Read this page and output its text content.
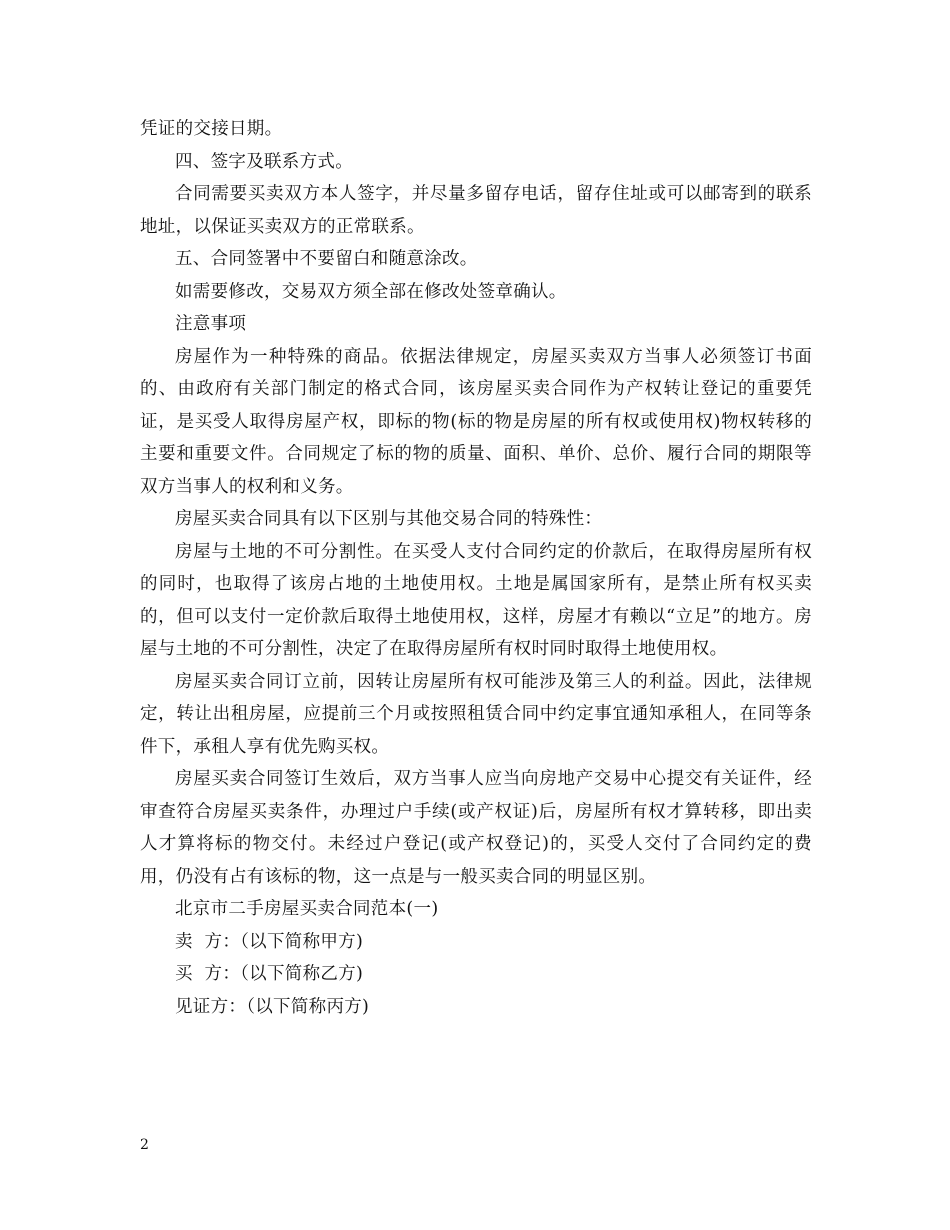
凭证的交接日期。

四、签字及联系方式。

合同需要买卖双方本人签字，并尽量多留存电话，留存住址或可以邮寄到的联系地址，以保证买卖双方的正常联系。

五、合同签署中不要留白和随意涂改。

如需要修改，交易双方须全部在修改处签章确认。

注意事项

房屋作为一种特殊的商品。依据法律规定，房屋买卖双方当事人必须签订书面的、由政府有关部门制定的格式合同，该房屋买卖合同作为产权转让登记的重要凭证，是买受人取得房屋产权，即标的物(标的物是房屋的所有权或使用权)物权转移的主要和重要文件。合同规定了标的物的质量、面积、单价、总价、履行合同的期限等双方当事人的权利和义务。

房屋买卖合同具有以下区别与其他交易合同的特殊性：

房屋与土地的不可分割性。在买受人支付合同约定的价款后，在取得房屋所有权的同时，也取得了该房占地的土地使用权。土地是属国家所有，是禁止所有权买卖的，但可以支付一定价款后取得土地使用权，这样，房屋才有赖以“立足”的地方。房屋与土地的不可分割性，决定了在取得房屋所有权时同时取得土地使用权。

房屋买卖合同订立前，因转让房屋所有权可能涉及第三人的利益。因此，法律规定，转让出租房屋，应提前三个月或按照租赁合同中约定事宜通知承租人，在同等条件下，承租人享有优先购买权。

房屋买卖合同签订生效后，双方当事人应当向房地产交易中心提交有关证件，经审查符合房屋买卖条件，办理过户手续(或产权证)后，房屋所有权才算转移，即出卖人才算将标的物交付。未经过户登记(或产权登记)的，买受人交付了合同约定的费用，仍没有占有该标的物，这一点是与一般买卖合同的明显区别。

北京市二手房屋买卖合同范本(一)

卖  方：（以下简称甲方)

买  方：（以下简称乙方)

见证方：（以下简称丙方)

2
